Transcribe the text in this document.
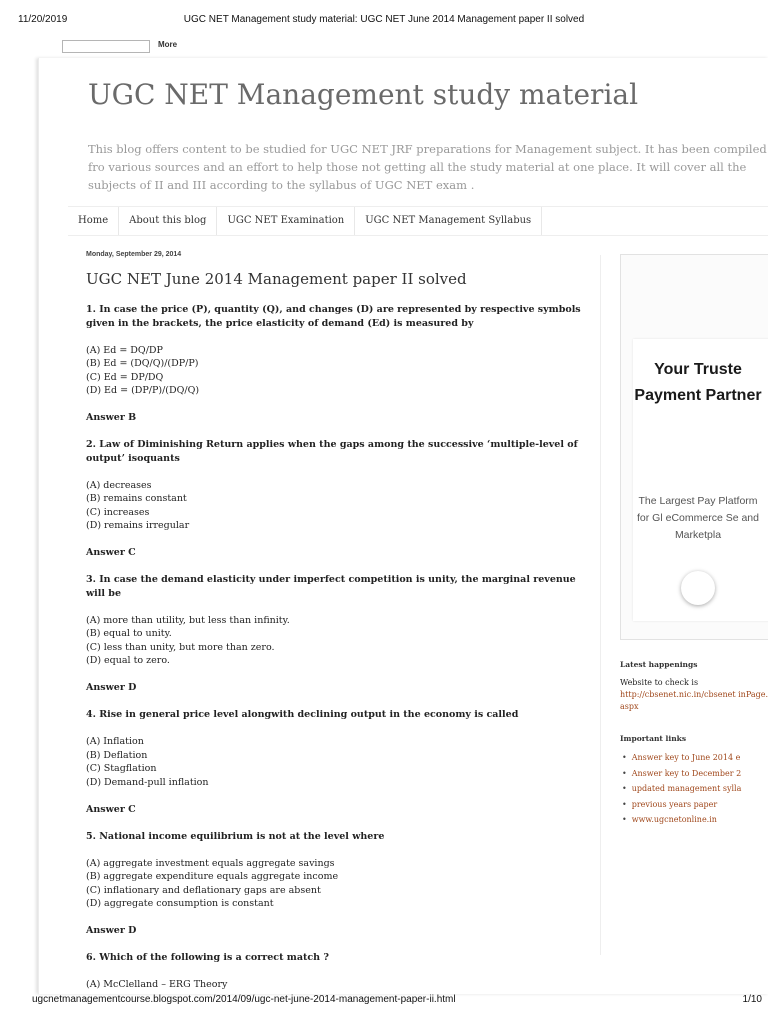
11/20/2019	UGC NET Management study material: UGC NET June 2014 Management paper II solved
More
UGC NET Management study material
This blog offers content to be studied for UGC NET JRF preparations for Management subject. It has been compiled fro various sources and an effort to help those not getting all the study material at one place. It will cover all the subjects of II and III according to the syllabus of UGC NET exam .
Home	About this blog	UGC NET Examination	UGC NET Management Syllabus
Monday, September 29, 2014
UGC NET June 2014 Management paper II solved
1. In case the price (P), quantity (Q), and changes (D) are represented by respective symbols given in the brackets, the price elasticity of demand (Ed) is measured by
(A) Ed = DQ/DP
(B) Ed = (DQ/Q)/(DP/P)
(C) Ed = DP/DQ
(D) Ed = (DP/P)/(DQ/Q)
Answer B
2. Law of Diminishing Return applies when the gaps among the successive ‘multiple-level of output’ isoquants
(A) decreases
(B) remains constant
(C) increases
(D) remains irregular
Answer C
3. In case the demand elasticity under imperfect competition is unity, the marginal revenue will be
(A) more than utility, but less than infinity.
(B) equal to unity.
(C) less than unity, but more than zero.
(D) equal to zero.
Answer D
4. Rise in general price level alongwith declining output in the economy is called
(A) Inflation
(B) Deflation
(C) Stagflation
(D) Demand-pull inflation
Answer C
5. National income equilibrium is not at the level where
(A) aggregate investment equals aggregate savings
(B) aggregate expenditure equals aggregate income
(C) inflationary and deflationary gaps are absent
(D) aggregate consumption is constant
Answer D
6. Which of the following is a correct match ?
(A) McClelland – ERG Theory
Your Truste Payment Partner
The Largest Pay Platform for Gl eCommerce Se and Marketpla
Latest happenings
Website to check is
http://cbsenet.nic.in/cbsenet inPage.aspx
Important links
• Answer key to June 2014 e
• Answer key to December 2
• updated management sylla
• previous years paper
• www.ugcnetonline.in
ugcnetmanagementcourse.blogspot.com/2014/09/ugc-net-june-2014-management-paper-ii.html	1/10
